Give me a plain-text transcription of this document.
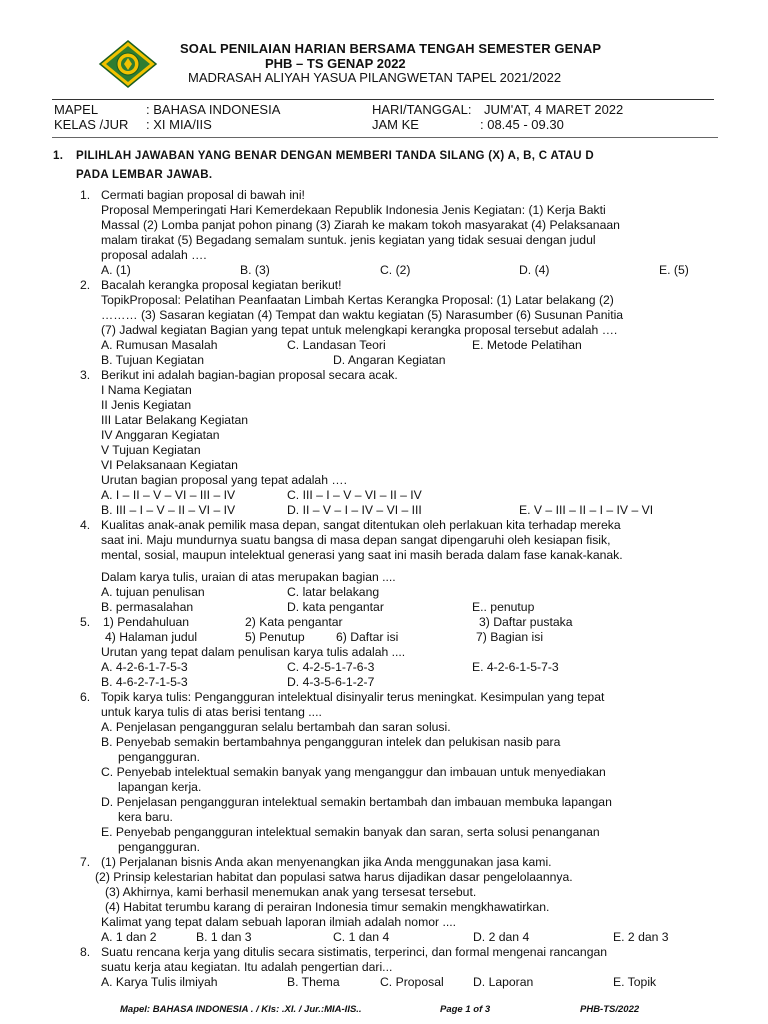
SOAL PENILAIAN HARIAN BERSAMA TENGAH SEMESTER GENAP
PHB – TS GENAP 2022
MADRASAH ALIYAH YASUA PILANGWETAN TAPEL 2021/2022
MAPEL	: BAHASA INDONESIA	HARI/TANGGAL: JUM'AT, 4 MARET 2022
KELAS /JUR : XI MIA/IIS	JAM KE	: 08.45 - 09.30
1. PILIHLAH JAWABAN YANG BENAR DENGAN MEMBERI TANDA SILANG (X) A, B, C ATAU D
PADA LEMBAR JAWAB.
1. Cermati bagian proposal di bawah ini!
Proposal Memperingati Hari Kemerdekaan Republik Indonesia Jenis Kegiatan: (1) Kerja Bakti
Massal (2) Lomba panjat pohon pinang (3) Ziarah ke makam tokoh masyarakat (4) Pelaksanaan
malam tirakat (5) Begadang semalam suntuk. jenis kegiatan yang tidak sesuai dengan judul
proposal adalah ….
A. (1)	B. (3)	C. (2)	D. (4)	E. (5)
2. Bacalah kerangka proposal kegiatan berikut!
TopikProposal: Pelatihan Peanfaatan Limbah Kertas Kerangka Proposal: (1) Latar belakang (2)
……… (3) Sasaran kegiatan (4) Tempat dan waktu kegiatan (5) Narasumber (6) Susunan Panitia
(7) Jadwal kegiatan Bagian yang tepat untuk melengkapi kerangka proposal tersebut adalah ….
A. Rumusan Masalah	C. Landasan Teori	E. Metode Pelatihan
B. Tujuan Kegiatan	D. Angaran Kegiatan
3. Berikut ini adalah bagian-bagian proposal secara acak.
I Nama Kegiatan
II Jenis Kegiatan
III Latar Belakang Kegiatan
IV Anggaran Kegiatan
V Tujuan Kegiatan
VI Pelaksanaan Kegiatan
Urutan bagian proposal yang tepat adalah ….
A. I – II – V – VI – III – IV	C. III – I – V – VI – II – IV
B. III – I – V – II – VI – IV	D. II – V – I – IV – VI – III	E. V – III – II – I – IV – VI
4. Kualitas anak-anak pemilik masa depan, sangat ditentukan oleh perlakuan kita terhadap mereka
saat ini. Maju mundurnya suatu bangsa di masa depan sangat dipengaruhi oleh kesiapan fisik,
mental, sosial, maupun intelektual generasi yang saat ini masih berada dalam fase kanak-kanak.
Dalam karya tulis, uraian di atas merupakan bagian ....
A. tujuan penulisan	C. latar belakang
B. permasalahan	D. kata pengantar	E.. penutup
5. 1) Pendahuluan	2) Kata pengantar	3) Daftar pustaka
4) Halaman judul	5) Penutup	6) Daftar isi	7) Bagian isi
Urutan yang tepat dalam penulisan karya tulis adalah ....
A. 4-2-6-1-7-5-3	C. 4-2-5-1-7-6-3	E. 4-2-6-1-5-7-3
B. 4-6-2-7-1-5-3	D. 4-3-5-6-1-2-7
6. Topik karya tulis: Pengangguran intelektual disinyalir terus meningkat. Kesimpulan yang tepat
untuk karya tulis di atas berisi tentang ....
A. Penjelasan pengangguran selalu bertambah dan saran solusi.
B. Penyebab semakin bertambahnya pengangguran intelek dan pelukisan nasib para
pengangguran.
C. Penyebab intelektual semakin banyak yang menganggur dan imbauan untuk menyediakan
lapangan kerja.
D. Penjelasan pengangguran intelektual semakin bertambah dan imbauan membuka lapangan
kera baru.
E. Penyebab pengangguran intelektual semakin banyak dan saran, serta solusi penanganan
pengangguran.
7. (1) Perjalanan bisnis Anda akan menyenangkan jika Anda menggunakan jasa kami.
(2) Prinsip kelestarian habitat dan populasi satwa harus dijadikan dasar pengelolaannya.
(3) Akhirnya, kami berhasil menemukan anak yang tersesat tersebut.
(4) Habitat terumbu karang di perairan Indonesia timur semakin mengkhawatirkan.
Kalimat yang tepat dalam sebuah laporan ilmiah adalah nomor ....
A. 1 dan 2	B. 1 dan 3	C. 1 dan 4	D. 2 dan 4	E. 2 dan 3
8. Suatu rencana kerja yang ditulis secara sistimatis, terperinci, dan formal mengenai rancangan
suatu kerja atau kegiatan. Itu adalah pengertian dari...
A. Karya Tulis ilmiyah	B. Thema	C. Proposal D. Laporan	E. Topik
Mapel: BAHASA INDONESIA . / Kls: .XI. / Jur.:MIA-IIS..	Page 1 of 3	PHB-TS/2022
